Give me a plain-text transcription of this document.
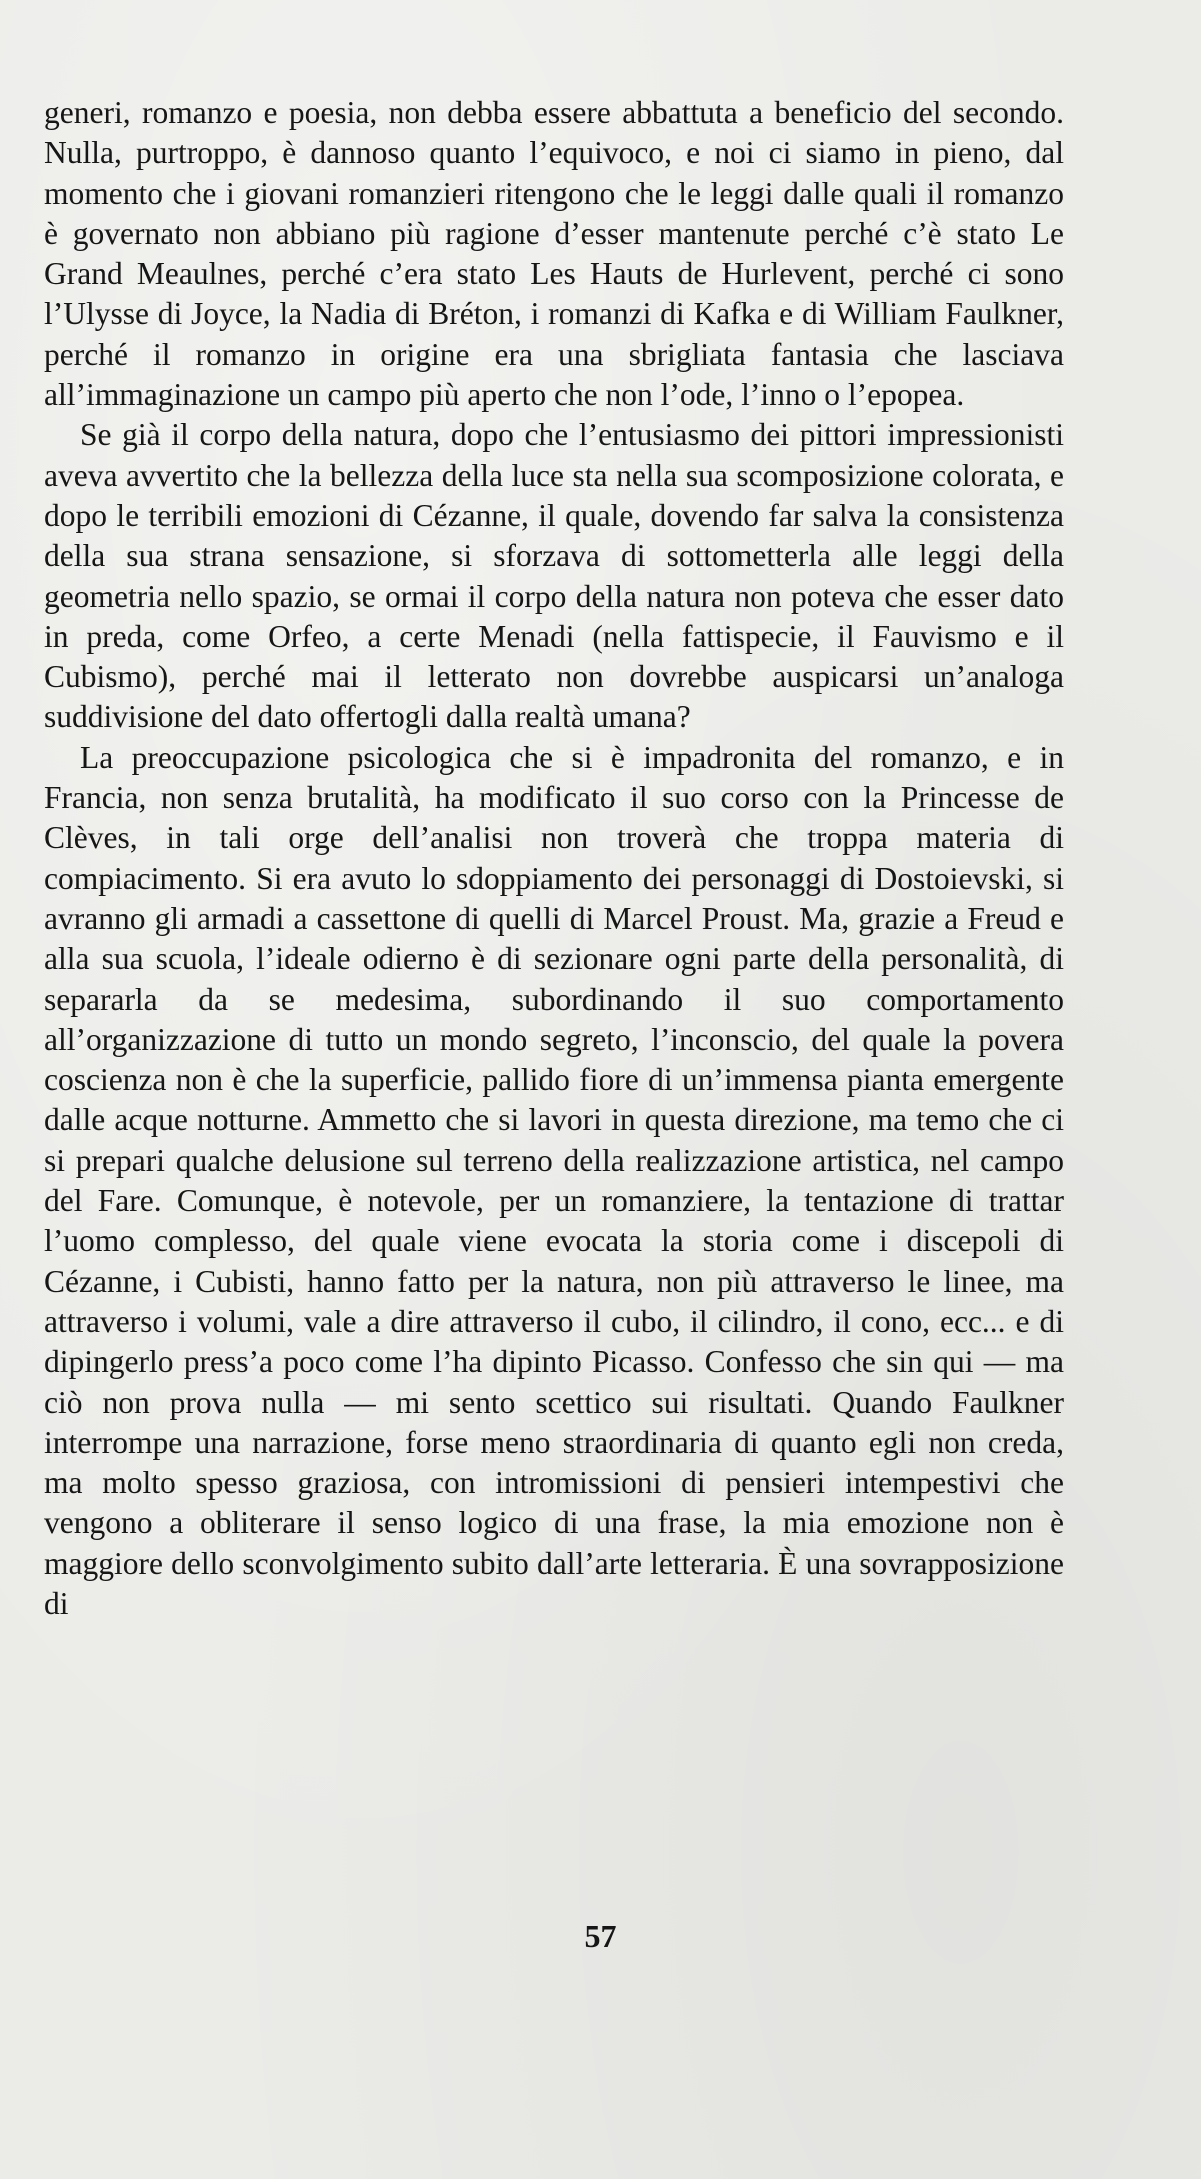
generi, romanzo e poesia, non debba essere abbattuta a beneficio del secondo. Nulla, purtroppo, è dannoso quanto l’equivoco, e noi ci siamo in pieno, dal momento che i giovani romanzieri ritengono che le leggi dalle quali il romanzo è governato non abbiano più ragione d’esser mantenute perché c’è stato Le Grand Meaulnes, perché c’era stato Les Hauts de Hurlevent, perché ci sono l’Ulysse di Joyce, la Nadia di Bréton, i romanzi di Kafka e di William Faulkner, perché il romanzo in origine era una sbrigliata fantasia che lasciava all’immaginazione un campo più aperto che non l’ode, l’inno o l’epopea.

Se già il corpo della natura, dopo che l’entusiasmo dei pittori impressionisti aveva avvertito che la bellezza della luce sta nella sua scomposizione colorata, e dopo le terribili emozioni di Cézanne, il quale, dovendo far salva la consistenza della sua strana sensazione, si sforzava di sottometterla alle leggi della geometria nello spazio, se ormai il corpo della natura non poteva che esser dato in preda, come Orfeo, a certe Menadi (nella fattispecie, il Fauvismo e il Cubismo), perché mai il letterato non dovrebbe auspicarsi un’analoga suddivisione del dato offertogli dalla realtà umana?

La preoccupazione psicologica che si è impadronita del romanzo, e in Francia, non senza brutalità, ha modificato il suo corso con la Princesse de Clèves, in tali orge dell’analisi non troverà che troppa materia di compiacimento. Si era avuto lo sdoppiamento dei personaggi di Dostoievski, si avranno gli armadi a cassettone di quelli di Marcel Proust. Ma, grazie a Freud e alla sua scuola, l’ideale odierno è di sezionare ogni parte della personalità, di separarla da se medesima, subordinando il suo comportamento all’organizzazione di tutto un mondo segreto, l’inconscio, del quale la povera coscienza non è che la superficie, pallido fiore di un’immensa pianta emergente dalle acque notturne. Ammetto che si lavori in questa direzione, ma temo che ci si prepari qualche delusione sul terreno della realizzazione artistica, nel campo del Fare. Comunque, è notevole, per un romanziere, la tentazione di trattar l’uomo complesso, del quale viene evocata la storia come i discepoli di Cézanne, i Cubisti, hanno fatto per la natura, non più attraverso le linee, ma attraverso i volumi, vale a dire attraverso il cubo, il cilindro, il cono, ecc... e di dipingerlo press’a poco come l’ha dipinto Picasso. Confesso che sin qui — ma ciò non prova nulla — mi sento scettico sui risultati. Quando Faulkner interrompe una narrazione, forse meno straordinaria di quanto egli non creda, ma molto spesso graziosa, con intromissioni di pensieri intempestivi che vengono a obliterare il senso logico di una frase, la mia emozione non è maggiore dello sconvolgimento subito dall’arte letteraria. È una sovrapposizione di

57
